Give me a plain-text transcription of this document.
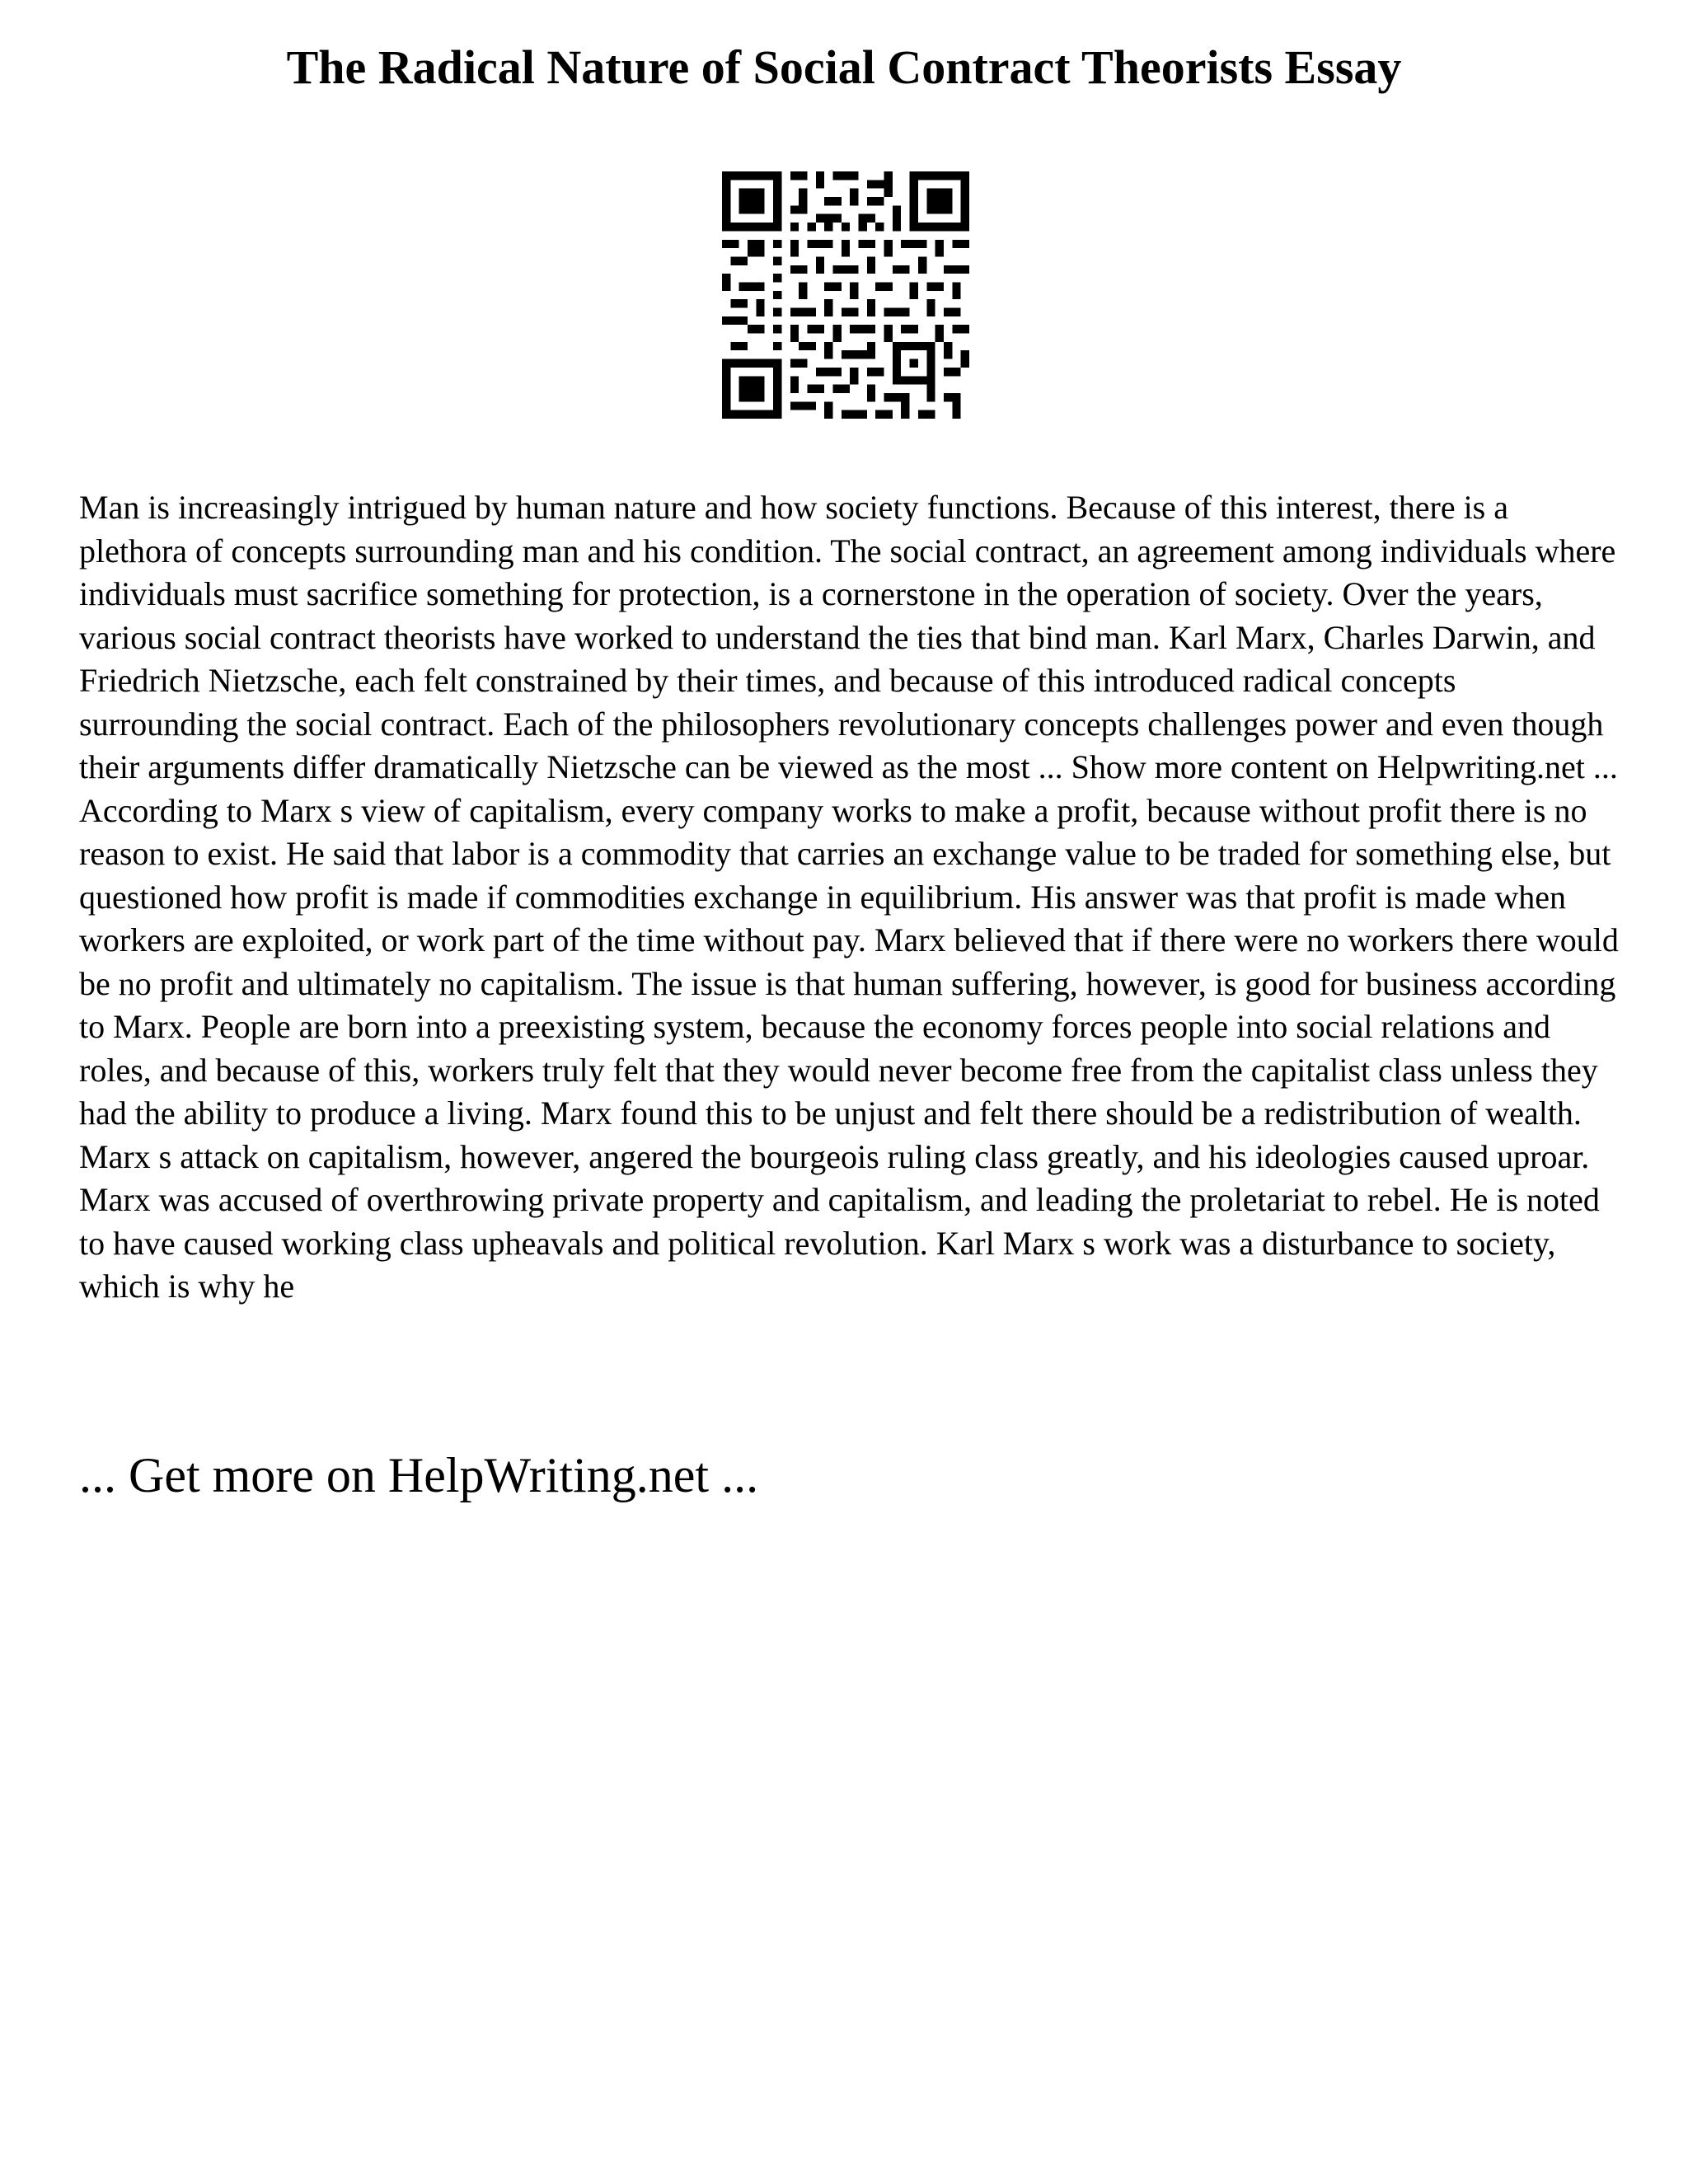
The Radical Nature of Social Contract Theorists Essay

Man is increasingly intrigued by human nature and how society functions. Because of this interest, there is a plethora of concepts surrounding man and his condition. The social contract, an agreement among individuals where individuals must sacrifice something for protection, is a cornerstone in the operation of society. Over the years, various social contract theorists have worked to understand the ties that bind man. Karl Marx, Charles Darwin, and Friedrich Nietzsche, each felt constrained by their times, and because of this introduced radical concepts surrounding the social contract. Each of the philosophers revolutionary concepts challenges power and even though their arguments differ dramatically Nietzsche can be viewed as the most ... Show more content on Helpwriting.net ... According to Marx s view of capitalism, every company works to make a profit, because without profit there is no reason to exist. He said that labor is a commodity that carries an exchange value to be traded for something else, but questioned how profit is made if commodities exchange in equilibrium. His answer was that profit is made when workers are exploited, or work part of the time without pay. Marx believed that if there were no workers there would be no profit and ultimately no capitalism. The issue is that human suffering, however, is good for business according to Marx. People are born into a preexisting system, because the economy forces people into social relations and roles, and because of this, workers truly felt that they would never become free from the capitalist class unless they had the ability to produce a living. Marx found this to be unjust and felt there should be a redistribution of wealth. Marx s attack on capitalism, however, angered the bourgeois ruling class greatly, and his ideologies caused uproar. Marx was accused of overthrowing private property and capitalism, and leading the proletariat to rebel. He is noted to have caused working class upheavals and political revolution. Karl Marx s work was a disturbance to society, which is why he

... Get more on HelpWriting.net ...
